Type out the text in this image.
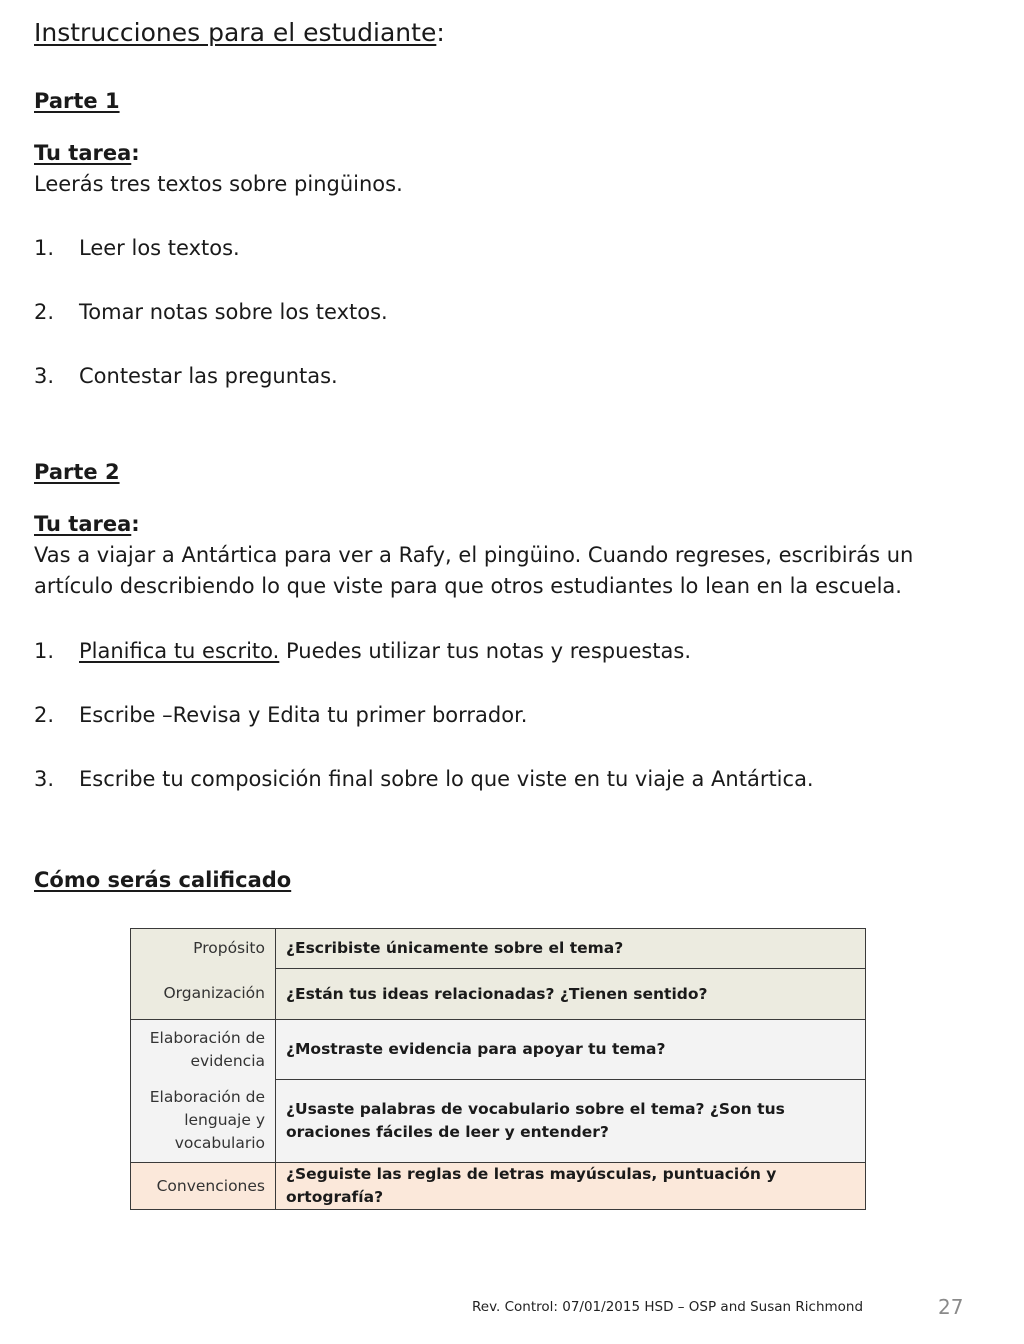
Instrucciones para el estudiante:
Parte 1
Tu tarea:
Leerás tres textos sobre pingüinos.
1. Leer los textos.
2. Tomar notas sobre los textos.
3. Contestar las preguntas.
Parte 2
Tu tarea:
Vas a viajar a Antártica para ver a Rafy, el pingüino. Cuando regreses, escribirás un
artículo describiendo lo que viste para que otros estudiantes lo lean en la escuela.
1. Planifica tu escrito. Puedes utilizar tus notas y respuestas.
2. Escribe –Revisa y Edita tu primer borrador.
3. Escribe tu composición final sobre lo que viste en tu viaje a Antártica.
Cómo serás calificado
Propósito	¿Escribiste únicamente sobre el tema?
Organización	¿Están tus ideas relacionadas? ¿Tienen sentido?
Elaboración de evidencia	¿Mostraste evidencia para apoyar tu tema?
Elaboración de lenguaje y vocabulario	¿Usaste palabras de vocabulario sobre el tema? ¿Son tus oraciones fáciles de leer y entender?
Convenciones	¿Seguiste las reglas de letras mayúsculas, puntuación y ortografía?
Rev. Control: 07/01/2015 HSD – OSP and Susan Richmond	27
